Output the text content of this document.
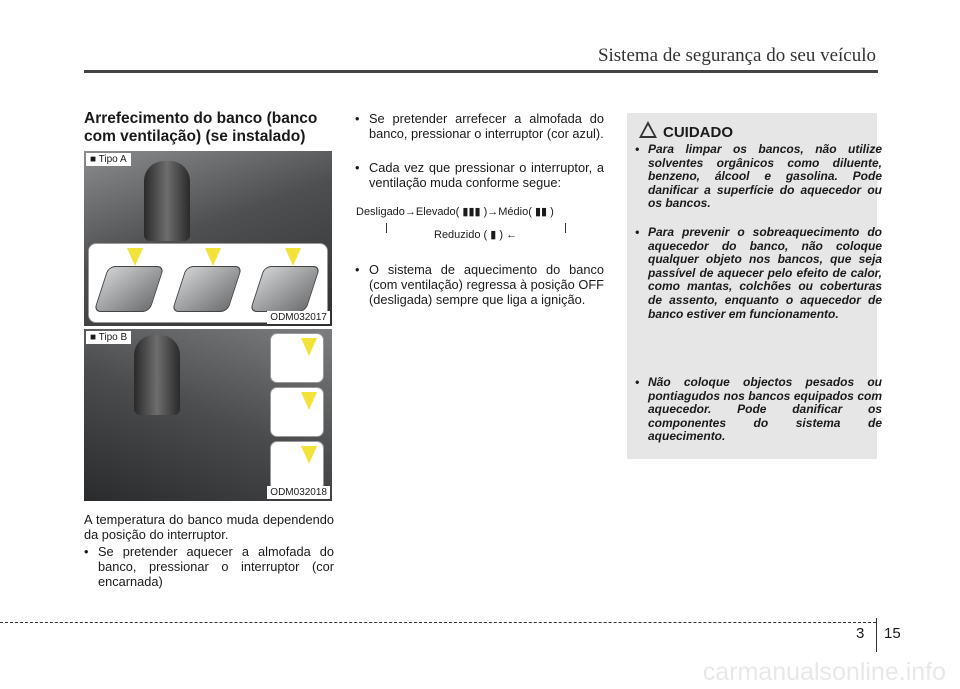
Sistema de segurança do seu veículo
Arrefecimento do banco (banco com ventilação) (se instalado)
■ Tipo A
ODM032017
■ Tipo B
ODM032018
A temperatura do banco muda dependendo da posição do interruptor.
• Se pretender aquecer a almofada do banco, pressionar o interruptor (cor encarnada)
• Se pretender arrefecer a almofada do banco, pressionar o interruptor (cor azul).
• Cada vez que pressionar o interruptor, a ventilação muda conforme segue:
Desligado→Elevado( ▮▮▮ )→Médio( ▮▮ )
Reduzido ( ▮ ) ←
• O sistema de aquecimento do banco (com ventilação) regressa à posição OFF (desligada) sempre que liga a ignição.
CUIDADO
• Para limpar os bancos, não utilize solventes orgânicos como diluente, benzeno, álcool e gasolina. Pode danificar a superfície do aquecedor ou os bancos.
• Para prevenir o sobreaquecimento do aquecedor do banco, não coloque qualquer objeto nos bancos, que seja passível de aquecer pelo efeito de calor, como mantas, colchões ou coberturas de assento, enquanto o aquecedor de banco estiver em funcionamento.
• Não coloque objectos pesados ou pontiagudos nos bancos equipados com aquecedor. Pode danificar os componentes do sistema de aquecimento.
3 15
carmanualsonline.info
